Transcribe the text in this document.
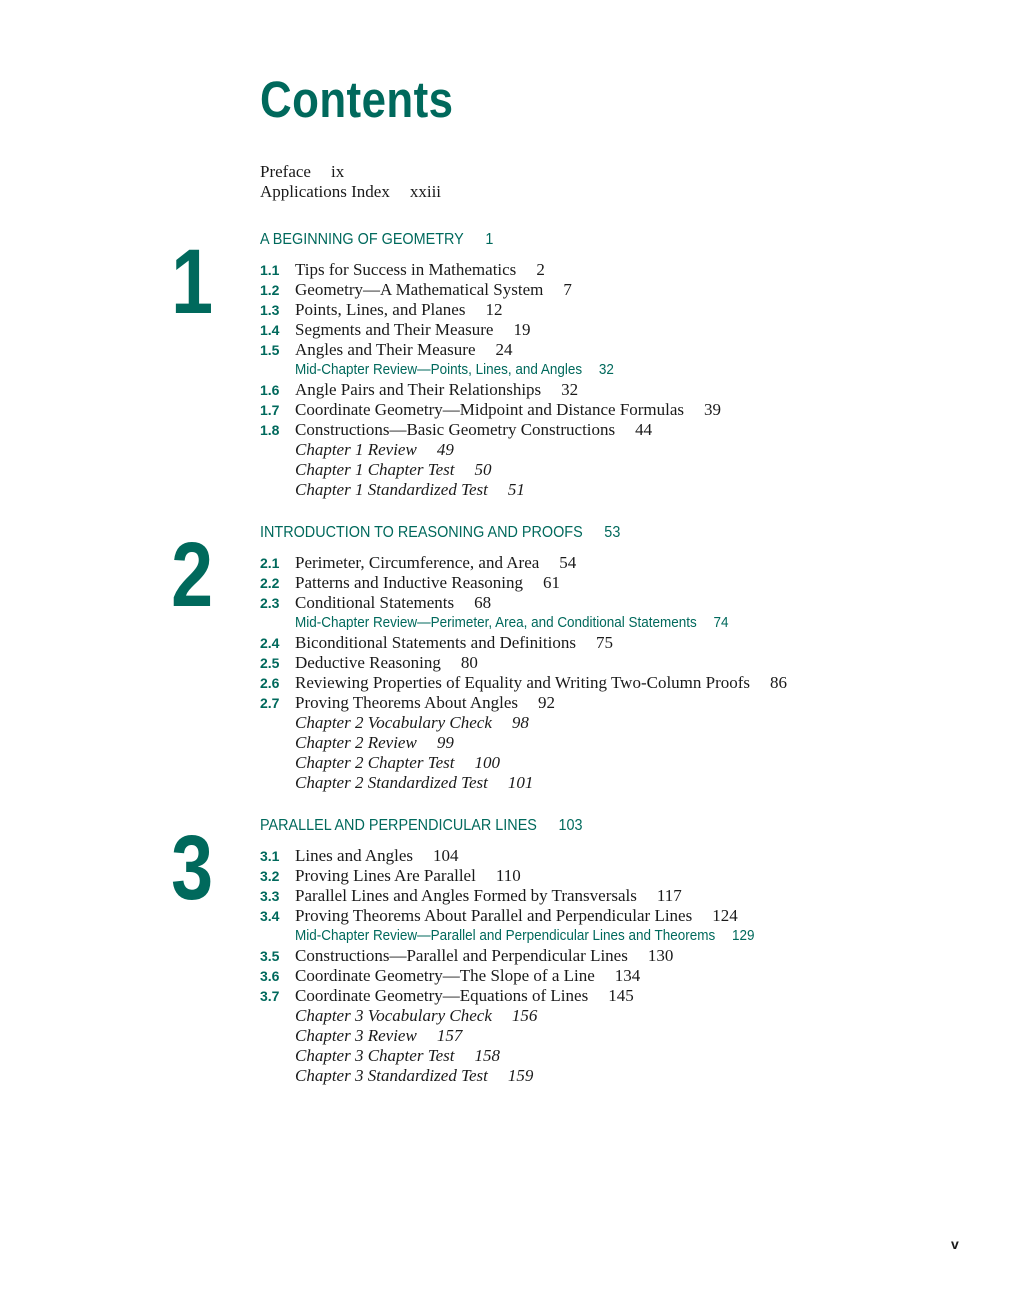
Contents
Preface ix
Applications Index xxiii
1	A BEGINNING OF GEOMETRY 1
1.1 Tips for Success in Mathematics 2
1.2 Geometry—A Mathematical System 7
1.3 Points, Lines, and Planes 12
1.4 Segments and Their Measure 19
1.5 Angles and Their Measure 24
Mid-Chapter Review—Points, Lines, and Angles 32
1.6 Angle Pairs and Their Relationships 32
1.7 Coordinate Geometry—Midpoint and Distance Formulas 39
1.8 Constructions—Basic Geometry Constructions 44
Chapter 1 Review 49
Chapter 1 Chapter Test 50
Chapter 1 Standardized Test 51
2	INTRODUCTION TO REASONING AND PROOFS 53
2.1 Perimeter, Circumference, and Area 54
2.2 Patterns and Inductive Reasoning 61
2.3 Conditional Statements 68
Mid-Chapter Review—Perimeter, Area, and Conditional Statements 74
2.4 Biconditional Statements and Definitions 75
2.5 Deductive Reasoning 80
2.6 Reviewing Properties of Equality and Writing Two-Column Proofs 86
2.7 Proving Theorems About Angles 92
Chapter 2 Vocabulary Check 98
Chapter 2 Review 99
Chapter 2 Chapter Test 100
Chapter 2 Standardized Test 101
3	PARALLEL AND PERPENDICULAR LINES 103
3.1 Lines and Angles 104
3.2 Proving Lines Are Parallel 110
3.3 Parallel Lines and Angles Formed by Transversals 117
3.4 Proving Theorems About Parallel and Perpendicular Lines 124
Mid-Chapter Review—Parallel and Perpendicular Lines and Theorems 129
3.5 Constructions—Parallel and Perpendicular Lines 130
3.6 Coordinate Geometry—The Slope of a Line 134
3.7 Coordinate Geometry—Equations of Lines 145
Chapter 3 Vocabulary Check 156
Chapter 3 Review 157
Chapter 3 Chapter Test 158
Chapter 3 Standardized Test 159
v
